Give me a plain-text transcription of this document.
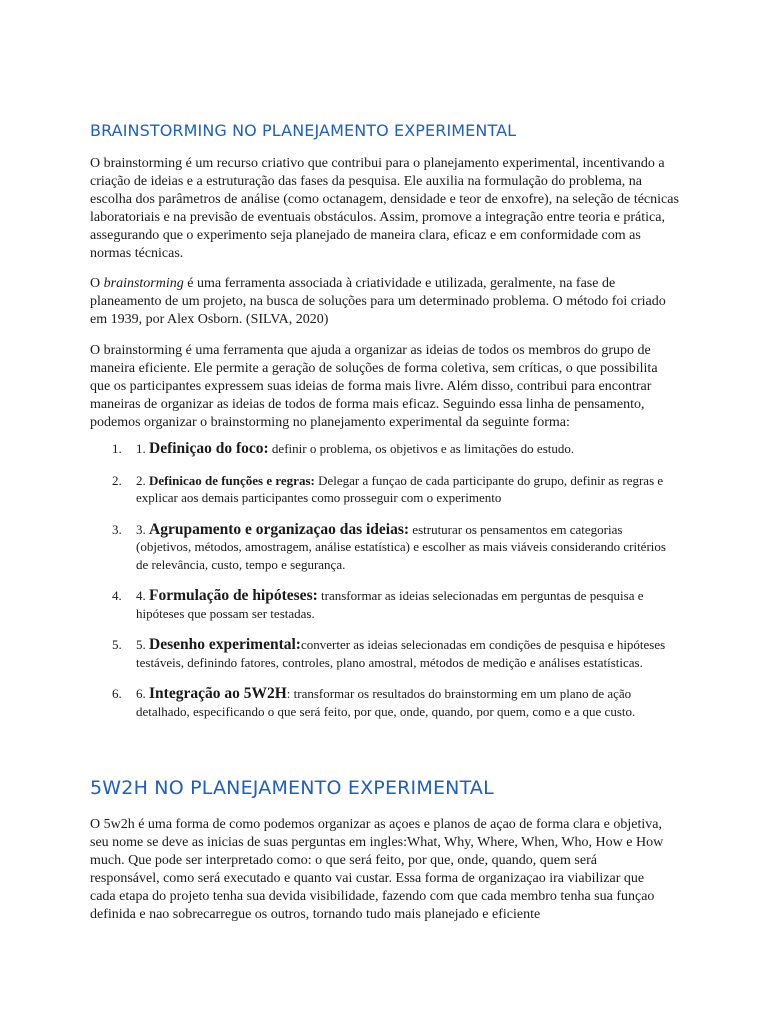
BRAINSTORMING NO PLANEJAMENTO EXPERIMENTAL

O brainstorming é um recurso criativo que contribui para o planejamento experimental, incentivando a criação de ideias e a estruturação das fases da pesquisa. Ele auxilia na formulação do problema, na escolha dos parâmetros de análise (como octanagem, densidade e teor de enxofre), na seleção de técnicas laboratoriais e na previsão de eventuais obstáculos. Assim, promove a integração entre teoria e prática, assegurando que o experimento seja planejado de maneira clara, eficaz e em conformidade com as normas técnicas.

O brainstorming é uma ferramenta associada à criatividade e utilizada, geralmente, na fase de planeamento de um projeto, na busca de soluções para um determinado problema. O método foi criado em 1939, por Alex Osborn. (SILVA, 2020)

O brainstorming é uma ferramenta que ajuda a organizar as ideias de todos os membros do grupo de maneira eficiente. Ele permite a geração de soluções de forma coletiva, sem críticas, o que possibilita que os participantes expressem suas ideias de forma mais livre. Além disso, contribui para encontrar maneiras de organizar as ideias de todos de forma mais eficaz. Seguindo essa linha de pensamento, podemos organizar o brainstorming no planejamento experimental da seguinte forma:

1. 1. Definiçao do foco: definir o problema, os objetivos e as limitações do estudo.
2. 2. Definicao de funções e regras: Delegar a funçao de cada participante do grupo, definir as regras e explicar aos demais participantes como prosseguir com o experimento
3. 3. Agrupamento e organizaçao das ideias: estruturar os pensamentos em categorias (objetivos, métodos, amostragem, análise estatística) e escolher as mais viáveis considerando critérios de relevância, custo, tempo e segurança.
4. 4. Formulação de hipóteses: transformar as ideias selecionadas em perguntas de pesquisa e hipóteses que possam ser testadas.
5. 5. Desenho experimental:converter as ideias selecionadas em condições de pesquisa e hipóteses testáveis, definindo fatores, controles, plano amostral, métodos de medição e análises estatísticas.
6. 6. Integração ao 5W2H: transformar os resultados do brainstorming em um plano de ação detalhado, especificando o que será feito, por que, onde, quando, por quem, como e a que custo.
5W2H NO PLANEJAMENTO EXPERIMENTAL

O 5w2h é uma forma de como podemos organizar as açoes e planos de açao de forma clara e objetiva, seu nome se deve as inicias de suas perguntas em ingles:What, Why, Where, When, Who, How e How much. Que pode ser interpretado como: o que será feito, por que, onde, quando, quem será responsável, como será executado e quanto vai custar. Essa forma de organizaçao ira viabilizar que cada etapa do projeto tenha sua devida visibilidade, fazendo com que cada membro tenha sua funçao definida e nao sobrecarregue os outros, tornando tudo mais planejado e eficiente
